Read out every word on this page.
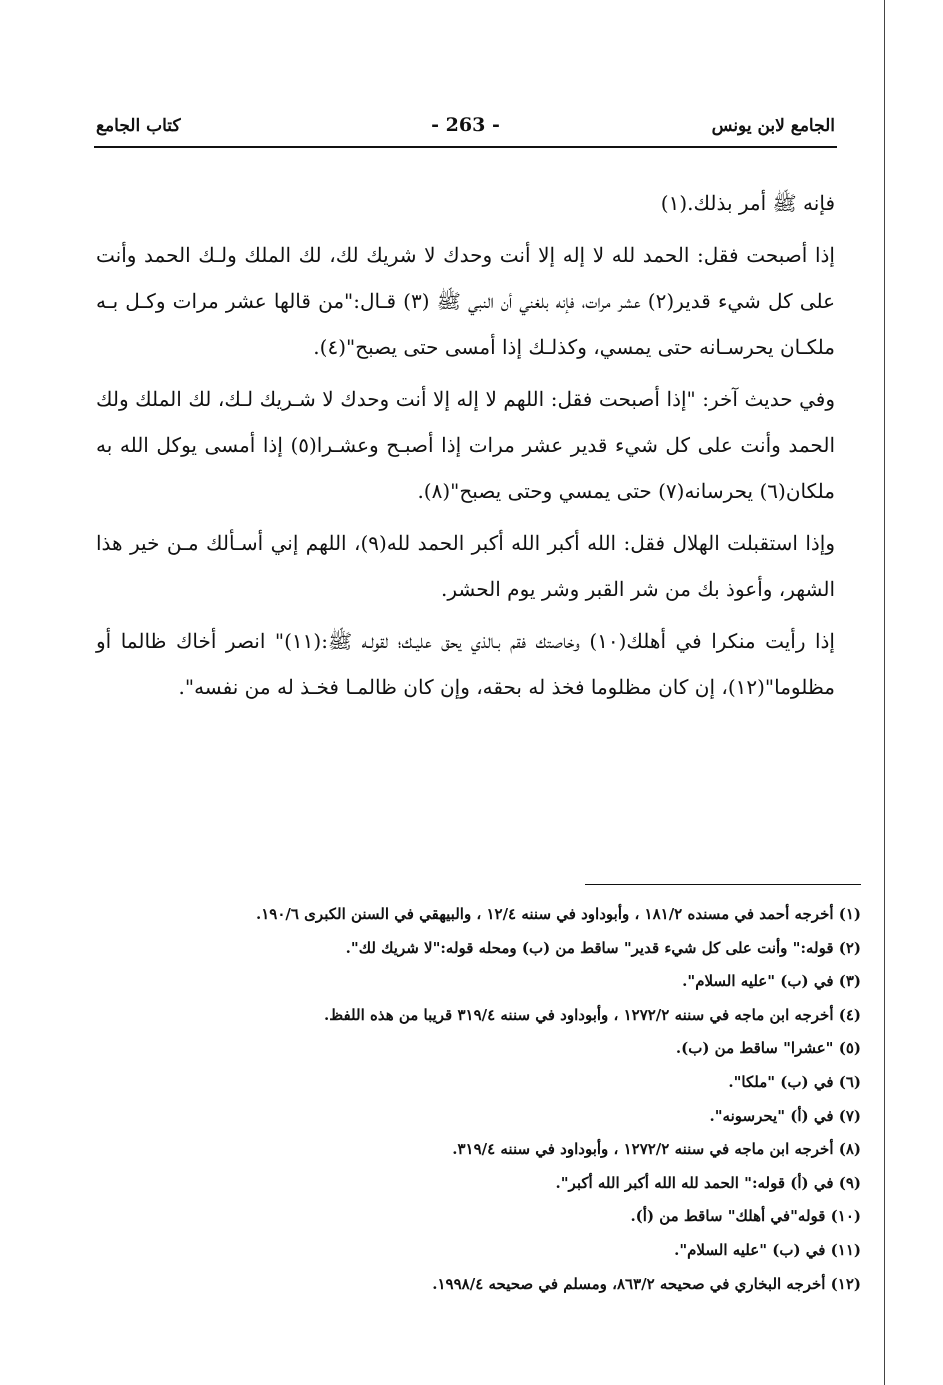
الجامع لابن يونس
- 263 -
كتاب الجامع

فإنه ﷺ أمر بذلك.(١)

إذا أصبحت فقل: الحمد لله لا إله إلا أنت وحدك لا شريك لك، لك الملك ولـك الحمد وأنت على كل شيء قدير(٢) عشر مرات، فإنه بلغني أن النبي ﷺ (٣) قـال:"من قالها عشر مرات وكـل بـه ملكـان يحرسـانه حتى يمسي، وكذلـك إذا أمسى حتى يصبح"(٤).

وفي حديث آخر: "إذا أصبحت فقل: اللهم لا إله إلا أنت وحدك لا شـريك لـك، لك الملك ولك الحمد وأنت على كل شيء قدير عشر مرات إذا أصبـح وعشـرا(٥) إذا أمسى يوكل الله به ملكان(٦) يحرسانه(٧) حتى يمسي وحتى يصبح"(٨).

وإذا استقبلت الهلال فقل: الله أكبر الله أكبر الحمد لله(٩)، اللهم إني أسـألك مـن خير هذا الشهر، وأعوذ بك من شر القبر وشر يوم الحشر.

إذا رأيت منكرا في أهلك(١٠) وخاصتك فقم بـالذي يحق عليـك؛ لقولـه ﷺ:(١١)" انصر أخاك ظالما أو مظلوما"(١٢)، إن كان مظلوما فخذ له بحقه، وإن كان ظالمـا فخـذ له من نفسه".

(١) أخرجه أحمد في مسنده ١٨١/٢ ، وأبوداود في سننه ١٢/٤ ، والبيهقي في السنن الكبرى ١٩٠/٦.
(٢) قوله:" وأنت على كل شيء قدير" ساقط من (ب) ومحله قوله:"لا شريك لك".
(٣) في (ب) "عليه السلام".
(٤) أخرجه ابن ماجه في سننه ١٢٧٢/٢ ، وأبوداود في سننه ٣١٩/٤ قريبا من هذه اللفظ.
(٥) "عشرا" ساقط من (ب).
(٦) في (ب) "ملكا".
(٧) في (أ) "يحرسونه".
(٨) أخرجه ابن ماجه في سننه ١٢٧٢/٢ ، وأبوداود في سننه ٣١٩/٤.
(٩) في (أ) قوله:" الحمد لله الله أكبر الله أكبر".
(١٠) قوله"في أهلك" ساقط من (أ).
(١١) في (ب) "عليه السلام".
(١٢) أخرجه البخاري في صحيحه ٨٦٣/٢، ومسلم في صحيحه ١٩٩٨/٤.
